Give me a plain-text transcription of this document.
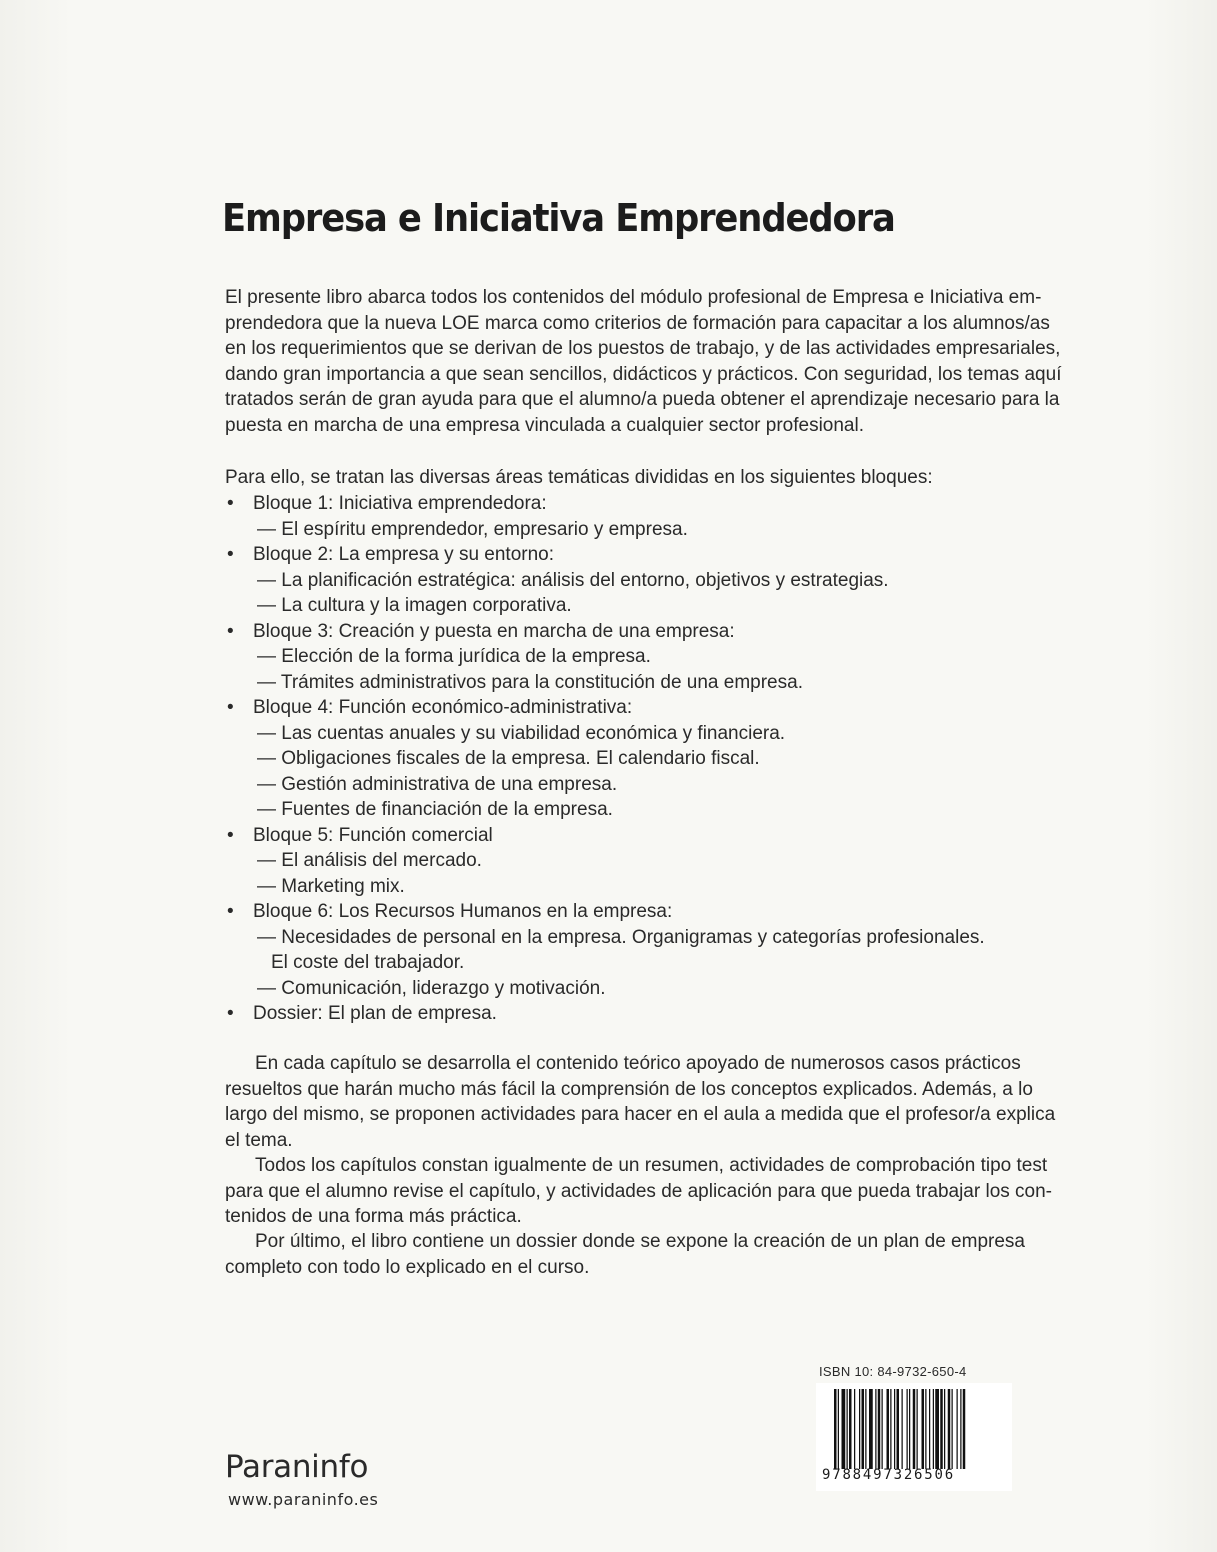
Empresa e Iniciativa Emprendedora
El presente libro abarca todos los contenidos del módulo profesional de Empresa e Iniciativa em-
prendedora que la nueva LOE marca como criterios de formación para capacitar a los alumnos/as
en los requerimientos que se derivan de los puestos de trabajo, y de las actividades empresariales,
dando gran importancia a que sean sencillos, didácticos y prácticos. Con seguridad, los temas aquí
tratados serán de gran ayuda para que el alumno/a pueda obtener el aprendizaje necesario para la
puesta en marcha de una empresa vinculada a cualquier sector profesional.

Para ello, se tratan las diversas áreas temáticas divididas en los siguientes bloques:

• Bloque 1: Iniciativa emprendedora:
— El espíritu emprendedor, empresario y empresa.
• Bloque 2: La empresa y su entorno:
— La planificación estratégica: análisis del entorno, objetivos y estrategias.
— La cultura y la imagen corporativa.
• Bloque 3: Creación y puesta en marcha de una empresa:
— Elección de la forma jurídica de la empresa.
— Trámites administrativos para la constitución de una empresa.
• Bloque 4: Función económico-administrativa:
— Las cuentas anuales y su viabilidad económica y financiera.
— Obligaciones fiscales de la empresa. El calendario fiscal.
— Gestión administrativa de una empresa.
— Fuentes de financiación de la empresa.
• Bloque 5: Función comercial
— El análisis del mercado.
— Marketing mix.
• Bloque 6: Los Recursos Humanos en la empresa:
— Necesidades de personal en la empresa. Organigramas y categorías profesionales.
El coste del trabajador.
— Comunicación, liderazgo y motivación.
• Dossier: El plan de empresa.
En cada capítulo se desarrolla el contenido teórico apoyado de numerosos casos prácticos
resueltos que harán mucho más fácil la comprensión de los conceptos explicados. Además, a lo
largo del mismo, se proponen actividades para hacer en el aula a medida que el profesor/a explica
el tema.
Todos los capítulos constan igualmente de un resumen, actividades de comprobación tipo test
para que el alumno revise el capítulo, y actividades de aplicación para que pueda trabajar los con-
tenidos de una forma más práctica.
Por último, el libro contiene un dossier donde se expone la creación de un plan de empresa
completo con todo lo explicado en el curso.
ISBN 10: 84-9732-650-4
9788497326506
Paraninfo
www.paraninfo.es
